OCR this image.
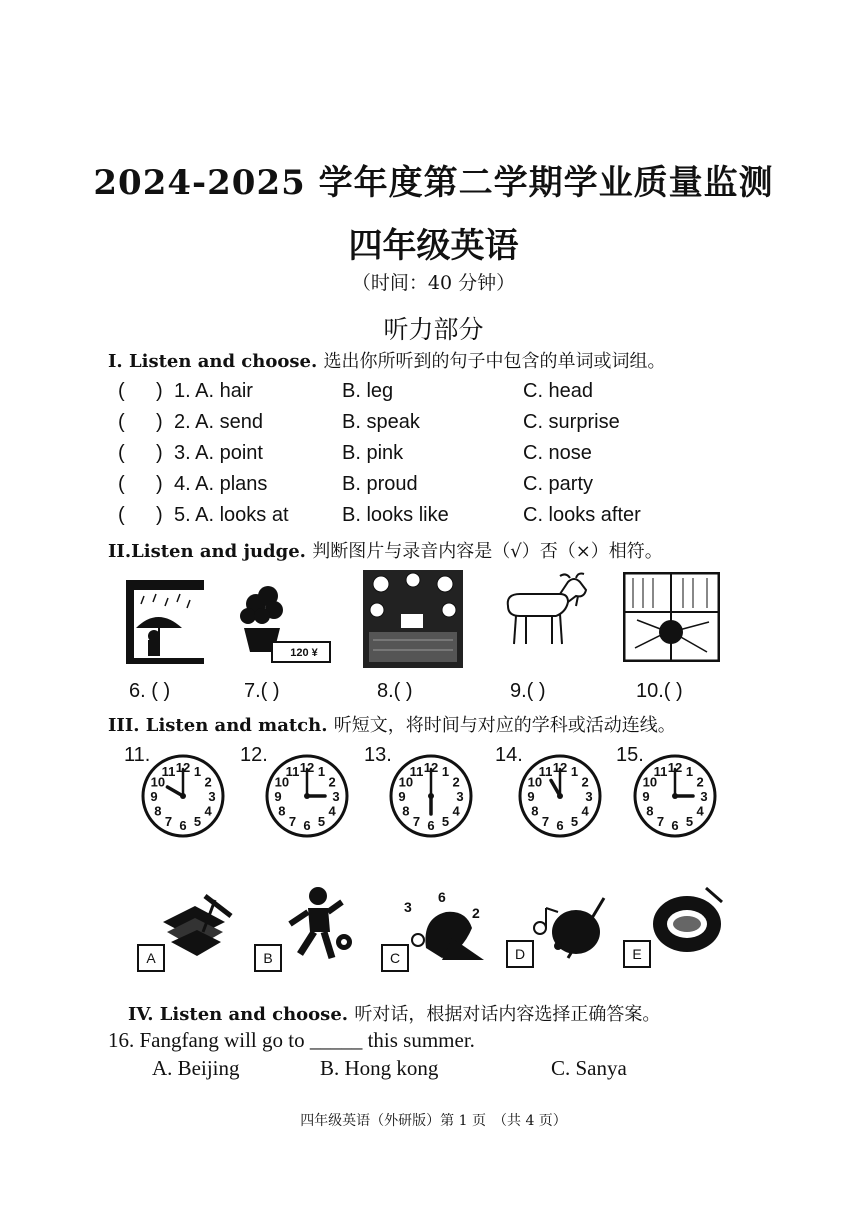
2024-2025 学年度第二学期学业质量监测
四年级英语
（时间：40 分钟）
听力部分
I. Listen and choose. 选出你所听到的句子中包含的单词或词组。
( ) 1. A. hair	B. leg	C. head
( ) 2. A. send	B. speak	C. surprise
( ) 3. A. point	B. pink	C. nose
( ) 4. A. plans	B. proud	C. party
( ) 5. A. looks at	B. looks like	C. looks after
II.Listen and judge. 判断图片与录音内容是（√）否（×）相符。
120 ¥
6. ( )	7.( )	8.( )	9.( )	10.( )
III. Listen and match. 听短文，将时间与对应的学科或活动连线。
11.	12.	13.	14.	15.
12 1
2
3
4
5
6
7
8
9
10
11	12 1
2
3
4
5
6
7
8
9
10
11	12 1
2
3
4
5
6
7
8
9
10
11	12 1
2
3
4
5
6
7
8
9
10
11	12 1
2
3
4
5
6
7
8
9
10
11
A	B
3
6
2
C	D	E
IV. Listen and choose. 听对话，根据对话内容选择正确答案。
16. Fangfang will go to _____ this summer.
A. Beijing	B. Hong kong	C. Sanya
四年级英语（外研版）第 1 页　（共 4 页）
